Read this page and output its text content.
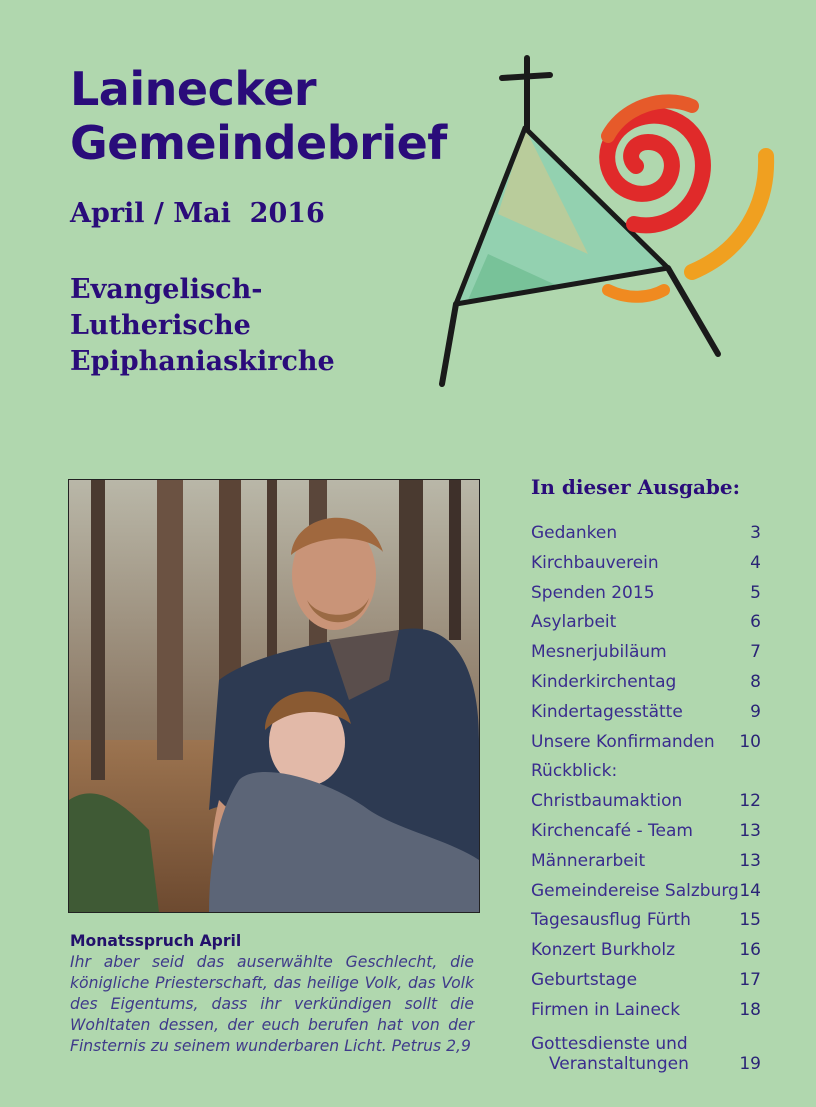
Lainecker
Gemeindebrief
April / Mai  2016
Evangelisch-
Lutherische
Epiphaniaskirche
Monatsspruch April
Ihr aber seid das auserwählte Geschlecht, die königliche Priesterschaft, das heilige Volk, das Volk des Eigentums, dass ihr verkündigen sollt die Wohltaten dessen, der euch berufen hat von der Finsternis zu seinem wunderbaren Licht. Petrus 2,9
In dieser Ausgabe:
Gedanken	3
Kirchbauverein	4
Spenden 2015	5
Asylarbeit	6
Mesnerjubiläum	7
Kinderkirchentag	8
Kindertagesstätte	9
Unsere Konfirmanden 10
Rückblick:
Christbaumaktion	12
Kirchencafé - Team	13
Männerarbeit	13
Gemeindereise Salzburg 14
Tagesausflug Fürth	15
Konzert Burkholz	16
Geburtstage	17
Firmen in Laineck	18
Gottesdienste und
Veranstaltungen	19
